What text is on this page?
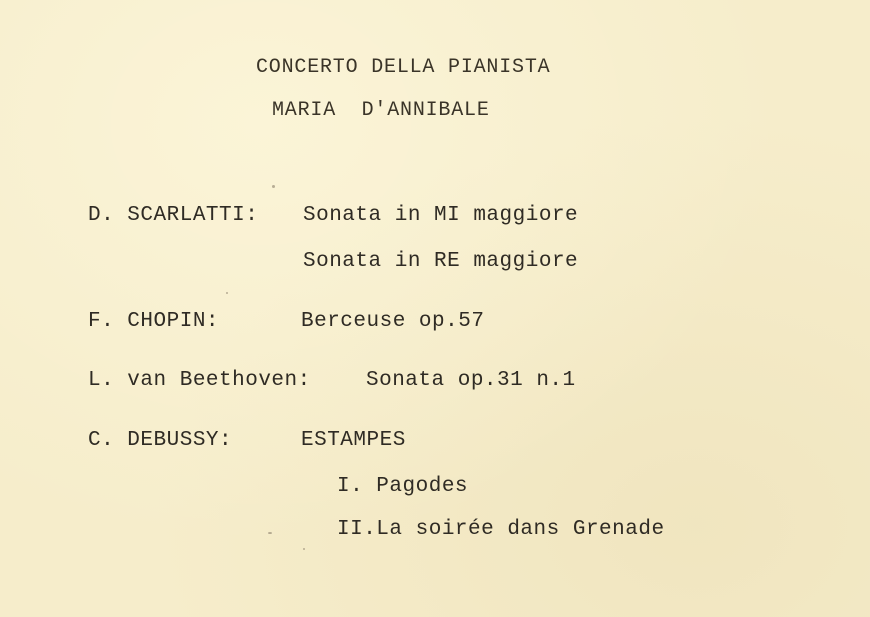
CONCERTO DELLA PIANISTA
MARIA  D'ANNIBALE
D. SCARLATTI: Sonata in MI maggiore
Sonata in RE maggiore
F. CHOPIN:	Berceuse op.57
L. van Beethoven:	Sonata op.31 n.1
C. DEBUSSY:	ESTAMPES
I. Pagodes
II.La soirée dans Grenade
